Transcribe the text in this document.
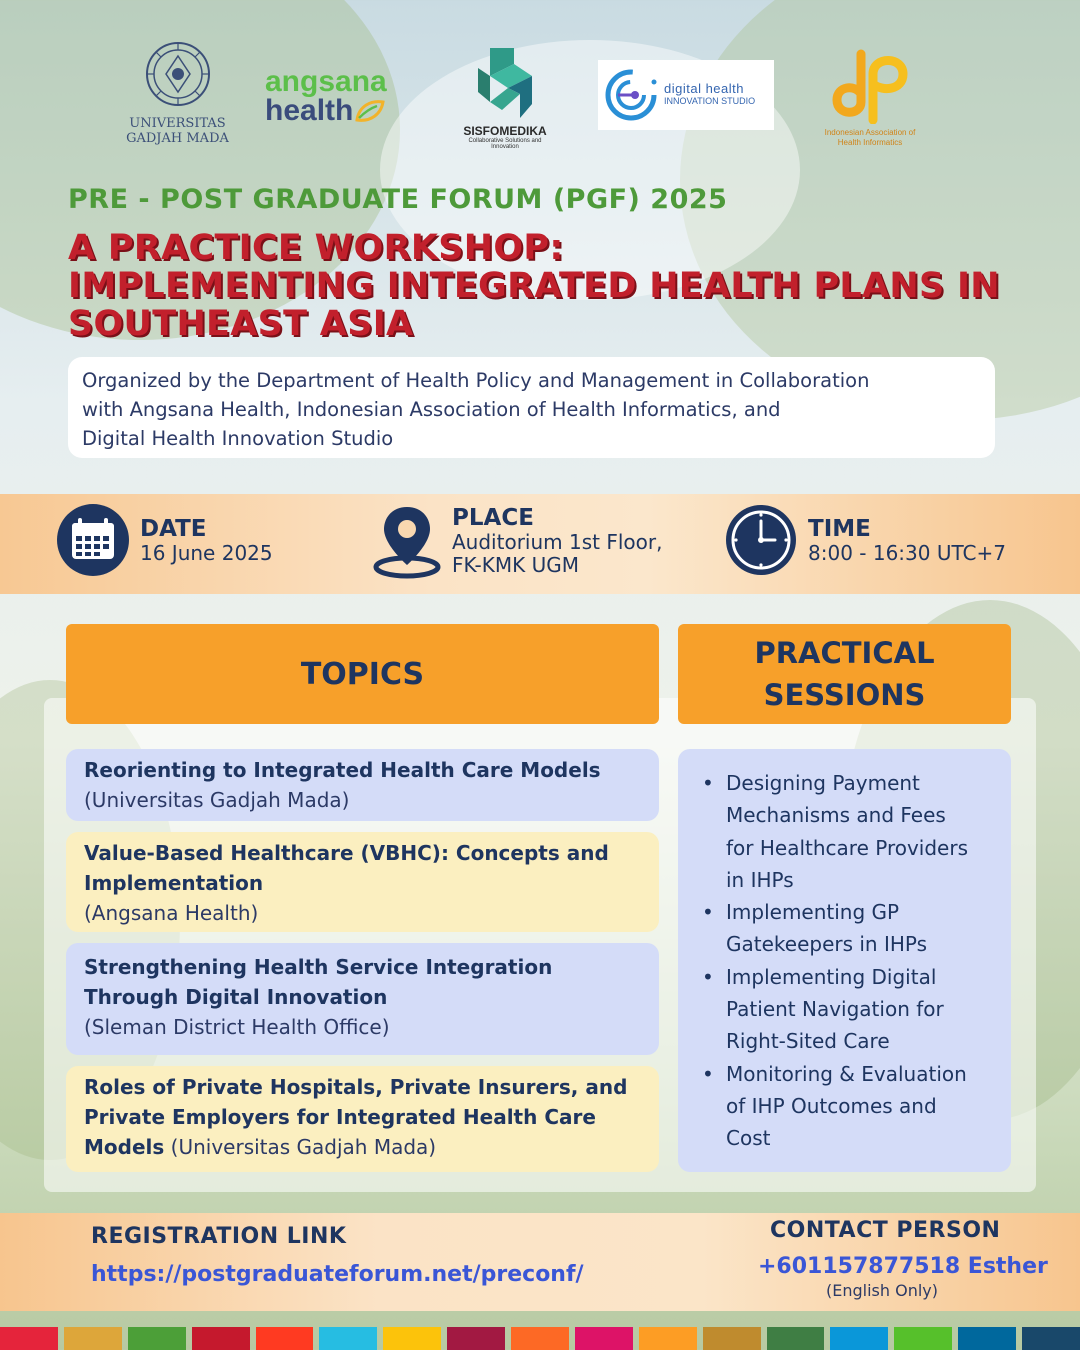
UNIVERSITAS
GADJAH MADA
angsana
health
SISFOMEDIKA
Collaborative Solutions and Innovation
digital health
INNOVATION STUDIO
Indonesian Association of
Health Informatics
PRE - POST GRADUATE FORUM (PGF) 2025
A PRACTICE WORKSHOP:
IMPLEMENTING INTEGRATED HEALTH PLANS IN
SOUTHEAST ASIA
Organized by the Department of Health Policy and Management in Collaboration
with Angsana Health, Indonesian Association of Health Informatics, and
Digital Health Innovation Studio
DATE
16 June 2025
PLACE
Auditorium 1st Floor,
FK-KMK UGM
TIME
8:00 - 16:30 UTC+7
TOPICS
PRACTICAL
SESSIONS
Reorienting to Integrated Health Care Models
(Universitas Gadjah Mada)
Value-Based Healthcare (VBHC): Concepts and
Implementation
(Angsana Health)
Strengthening Health Service Integration
Through Digital Innovation
(Sleman District Health Office)
Roles of Private Hospitals, Private Insurers, and
Private Employers for Integrated Health Care
Models (Universitas Gadjah Mada)
• Designing Payment
Mechanisms and Fees
for Healthcare Providers
in IHPs
• Implementing GP
Gatekeepers in IHPs
• Implementing Digital
Patient Navigation for
Right-Sited Care
• Monitoring & Evaluation
of IHP Outcomes and
Cost
REGISTRATION LINK
https://postgraduateforum.net/preconf/
CONTACT PERSON
+601157877518 Esther
(English Only)
